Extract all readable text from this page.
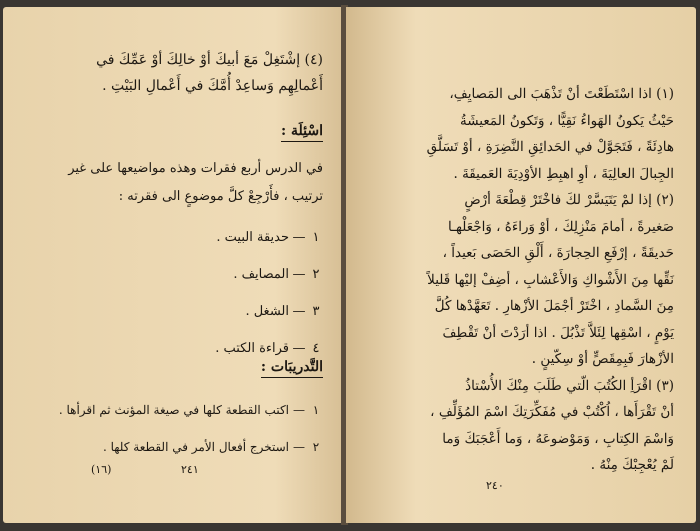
(٤) إشْتَغِلْ مَعَ أبيكَ أوْ خالِكَ أوْ عَمِّكَ في
أَعْمالِهِم وَساعِدْ أُمَّكَ في أَعْمالِ البَيْتِ .
اسْئِلَة :
في الدرس أربع فقرات وهذه مواضيعها على غير
ترتيب ، فأَرْجِعْ كلَّ موضوعٍ الى فقرته :
١—حديقة البيت .
٢—المصايف .
٣—الشغل .
٤—قراءة الكتب .
التَّدريبَات :
١—اكتب القطعة كلها في صيغة المؤنث ثم اقرأها .
٢—استخرج أفعال الأمر في القطعة كلها .
(١٦)	٢٤١
(١) اذا اسْتَطَعْتَ أنْ تَذْهَبَ الى المَصايِفِ،
حَيْثُ يَكونُ الهَواءُ نَقِيًّا ، وَتَكونُ المَعيشَةُ
هادِئَةً ، فَتَجَوَّلْ في الحَدائِقِ النَّضِرَةِ ، أوْ تَسَلَّقِ
الجِبالَ العالِيَةَ ، أوِ اهبِطِ الأوْدِيَةَ العَميقَةَ .
(٢) إذا لمْ يَتَيَسَّرْ لكَ فاخْتَرْ قِطْعَةَ أرْضٍ
صَغيرةً ، أمامَ مَنْزِلِكَ ، أوْ وَراءَهُ ، وَاجْعَلْهـا
حَديقَةً ، إرْفَعِ الحِجارَةَ ، أَلْقِ الحَصَى بَعيداً ،
نَقِّها مِنَ الأَشْواكِ وَالأَعْشابِ ، أضِفْ إليْها قَليلاً
مِنَ السَّمادِ ، اخْتَرْ أجْمَلَ الأزْهارِ . تَعَهَّدْها كُلَّ
يَوْمٍ ، اسْقِها لِئَلاَّ تَذْبُلَ . اذا أرَدْتَ أنْ تَقْطِفَ
الأزْهارَ فَبِمِقَصٍّ أوْ سِكّينٍ .
(٣) اقْرَأِ الكُتُبَ الّتي طَلَبَ مِنْكَ الأُسْتاذُ
أنْ تَقْرَأَها ، اُكْتُبْ في مُفَكِّرَتِكَ اسْمَ المُؤَلِّفِ ،
وَاسْمَ الكِتابِ ، وَمَوْضوعَهُ ، وَما أَعْجَبَكَ وَما
لَمْ يُعْجِبْكَ مِنْهُ .
٢٤٠
